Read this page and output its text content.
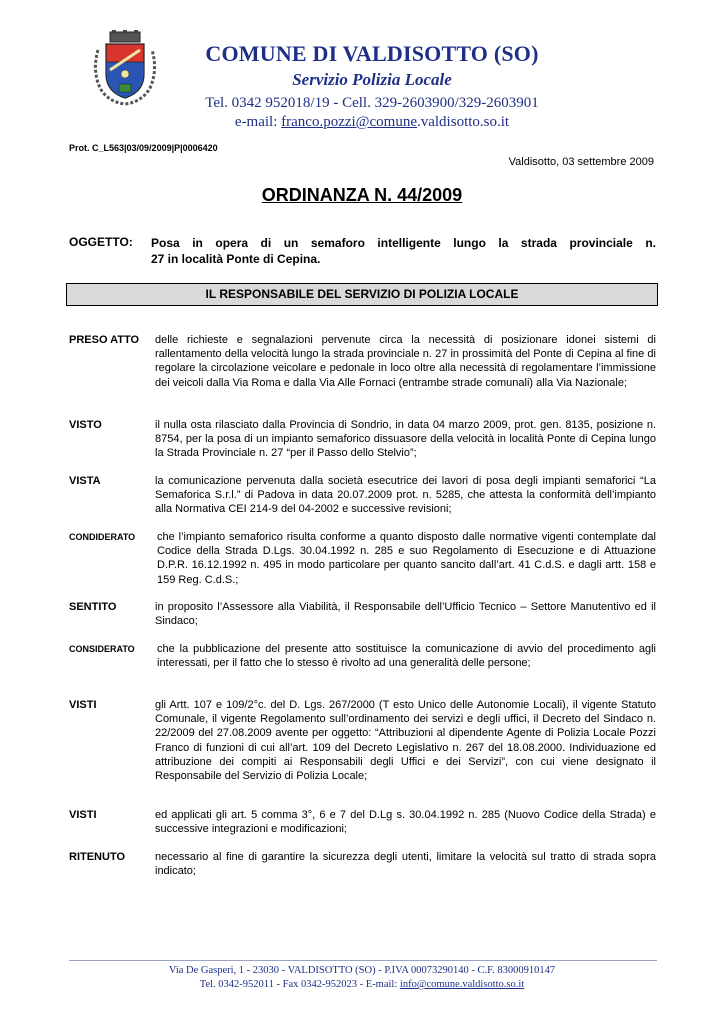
COMUNE DI VALDISOTTO (SO)
Servizio Polizia Locale
Tel. 0342 952018/19 - Cell. 329-2603900/329-2603901
e-mail: franco.pozzi@comune.valdisotto.so.it
Prot. C_L563|03/09/2009|P|0006420
Valdisotto, 03 settembre 2009
ORDINANZA N. 44/2009
OGGETTO: Posa in opera di un semaforo intelligente lungo la strada provinciale n.
27 in località Ponte di Cepina.
IL RESPONSABILE DEL SERVIZIO DI POLIZIA LOCALE
PRESO ATTO delle richieste e segnalazioni pervenute circa la necessità di posizionare idonei sistemi di rallentamento della velocità lungo la strada provinciale n. 27 in prossimità del Ponte di Cepina al fine di regolare la circolazione veicolare e pedonale in loco oltre alla necessità di regolamentare l’immissione dei veicoli dalla Via Roma e dalla Via Alle Fornaci (entrambe strade comunali) alla Via Nazionale;
VISTO	il nulla osta rilasciato dalla Provincia di Sondrio, in data 04 marzo 2009, prot. gen. 8135, posizione n. 8754, per la posa di un impianto semaforico dissuasore della velocità in località Ponte di Cepina lungo la Strada Provinciale n. 27 “per il Passo dello Stelvio”;
VISTA	la comunicazione pervenuta dalla società esecutrice dei lavori di posa degli impianti semaforici “La Semaforica S.r.l.” di Padova in data 20.07.2009 prot. n. 5285, che attesta la conformità dell’impianto alla Normativa CEI 214-9 del 04-2002 e successive revisioni;
CONDIDERATO che l’impianto semaforico risulta conforme a quanto disposto dalle normative vigenti contemplate dal Codice della Strada D.Lgs. 30.04.1992 n. 285 e suo Regolamento di Esecuzione e di Attuazione D.P.R. 16.12.1992 n. 495 in modo particolare per quanto sancito dall’art. 41 C.d.S. e dagli artt. 158 e 159 Reg. C.d.S.;
SENTITO	in proposito l’Assessore alla Viabilità, il Responsabile dell’Ufficio Tecnico – Settore Manutentivo ed il Sindaco;
CONSIDERATO che la pubblicazione del presente atto sostituisce la comunicazione di avvio del procedimento agli interessati, per il fatto che lo stesso è rivolto ad una generalità delle persone;
VISTI	gli Artt. 107 e 109/2°c. del D. Lgs. 267/2000 (T esto Unico delle Autonomie Locali), il vigente Statuto Comunale, il vigente Regolamento sull’ordinamento dei servizi e degli uffici, il Decreto del Sindaco n. 22/2009 del 27.08.2009 avente per oggetto: “Attribuzioni al dipendente Agente di Polizia Locale Pozzi Franco di funzioni di cui all’art. 109 del Decreto Legislativo n. 267 del 18.08.2000. Individuazione ed attribuzione dei compiti ai Responsabili degli Uffici e dei Servizi”, con cui viene designato il Responsabile del Servizio di Polizia Locale;
VISTI	ed applicati gli art. 5 comma 3°, 6 e 7 del D.Lg s. 30.04.1992 n. 285 (Nuovo Codice della Strada) e successive integrazioni e modificazioni;
RITENUTO	necessario al fine di garantire la sicurezza degli utenti, limitare la velocità sul tratto di strada sopra indicato;
Via De Gasperi, 1 - 23030 - VALDISOTTO (SO) - P.IVA 00073290140 - C.F. 83000910147
Tel. 0342-952011 - Fax 0342-952023 - E-mail: info@comune.valdisotto.so.it
